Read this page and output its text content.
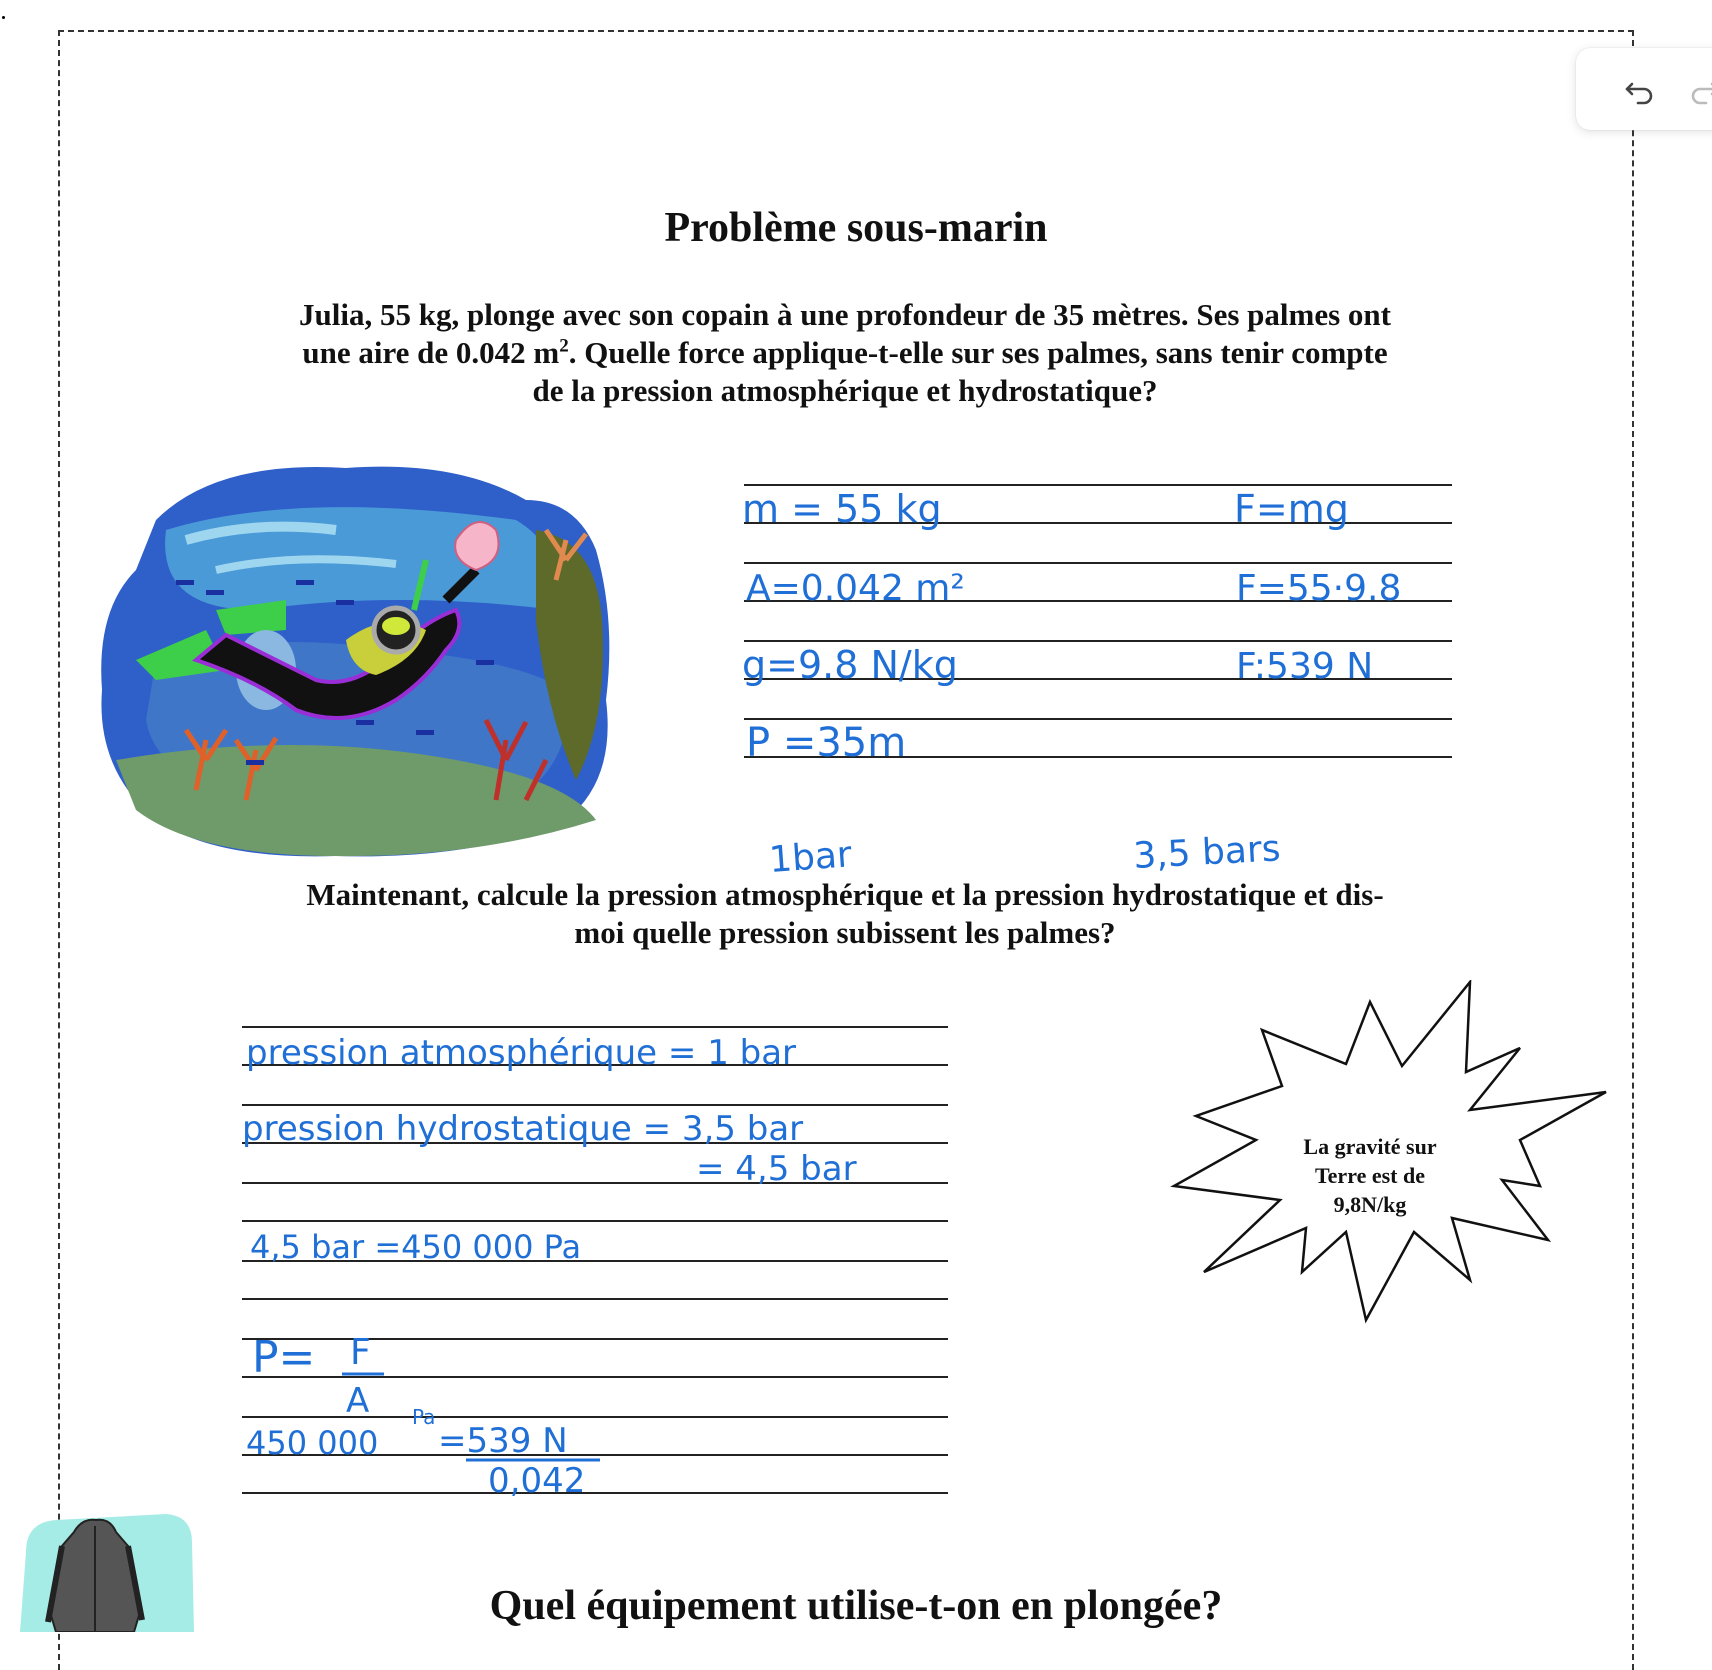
Problème sous-marin
Julia, 55 kg, plonge avec son copain à une profondeur de 35 mètres. Ses palmes ont
une aire de 0.042 $m^2$. Quelle force applique-t-elle sur ses palmes, sans tenir compte
de la pression atmosphérique et hydrostatique?
Maintenant, calcule la pression atmosphérique et la pression hydrostatique et dis-
moi quelle pression subissent les palmes?
La gravité sur
Terre est de
9,8N/kg
Quel équipement utilise-t-on en plongée?
m = 55 kg
A=0.042 m²
g=9.8 N/kg
P =35m
F=mg
F=55·9.8
F:539 N
1bar	3,5 bars
pression atmosphérique = 1 bar
pression hydrostatique = 3,5 bar
= 4,5 bar
4,5 bar =450 000 Pa
P= F
A
450 000
Pa
=539 N
0,042
